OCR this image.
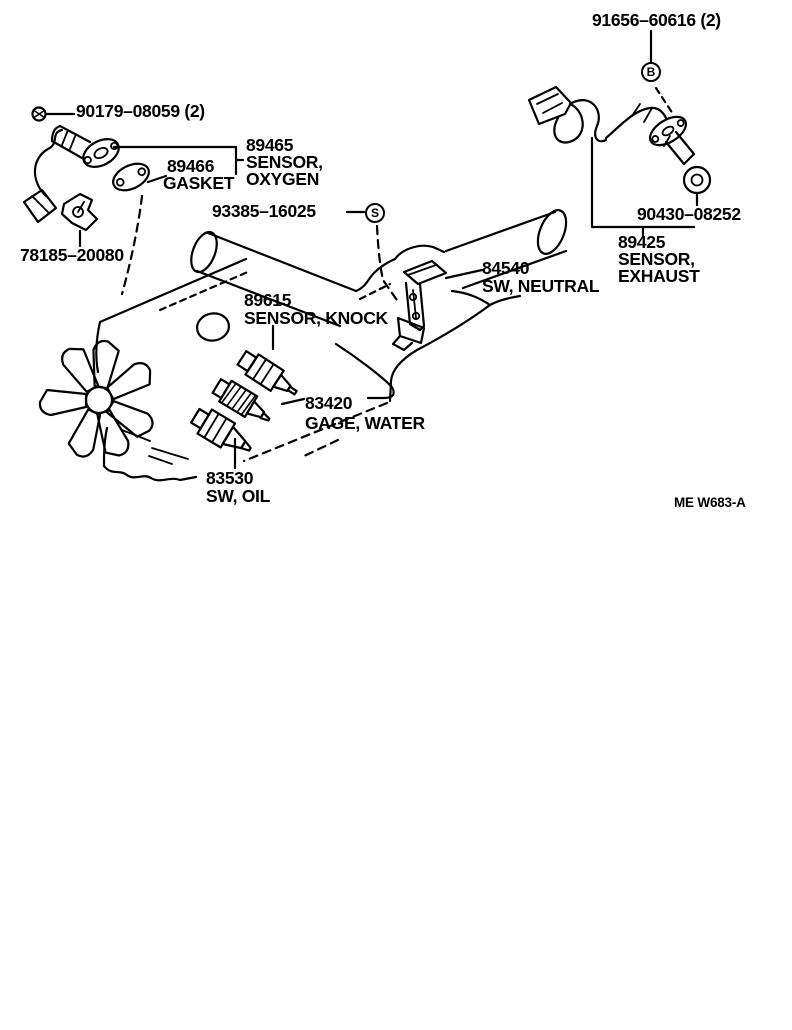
B
S
91656–60616 (2)
90179–08059 (2)
89465
SENSOR,
OXYGEN
89466
GASKET
93385–16025
78185–20080
90430–08252
89425
SENSOR,
EXHAUST
84540
SW, NEUTRAL
89615
SENSOR, KNOCK
83420
GAGE, WATER
83530
SW, OIL	ME W683-A
